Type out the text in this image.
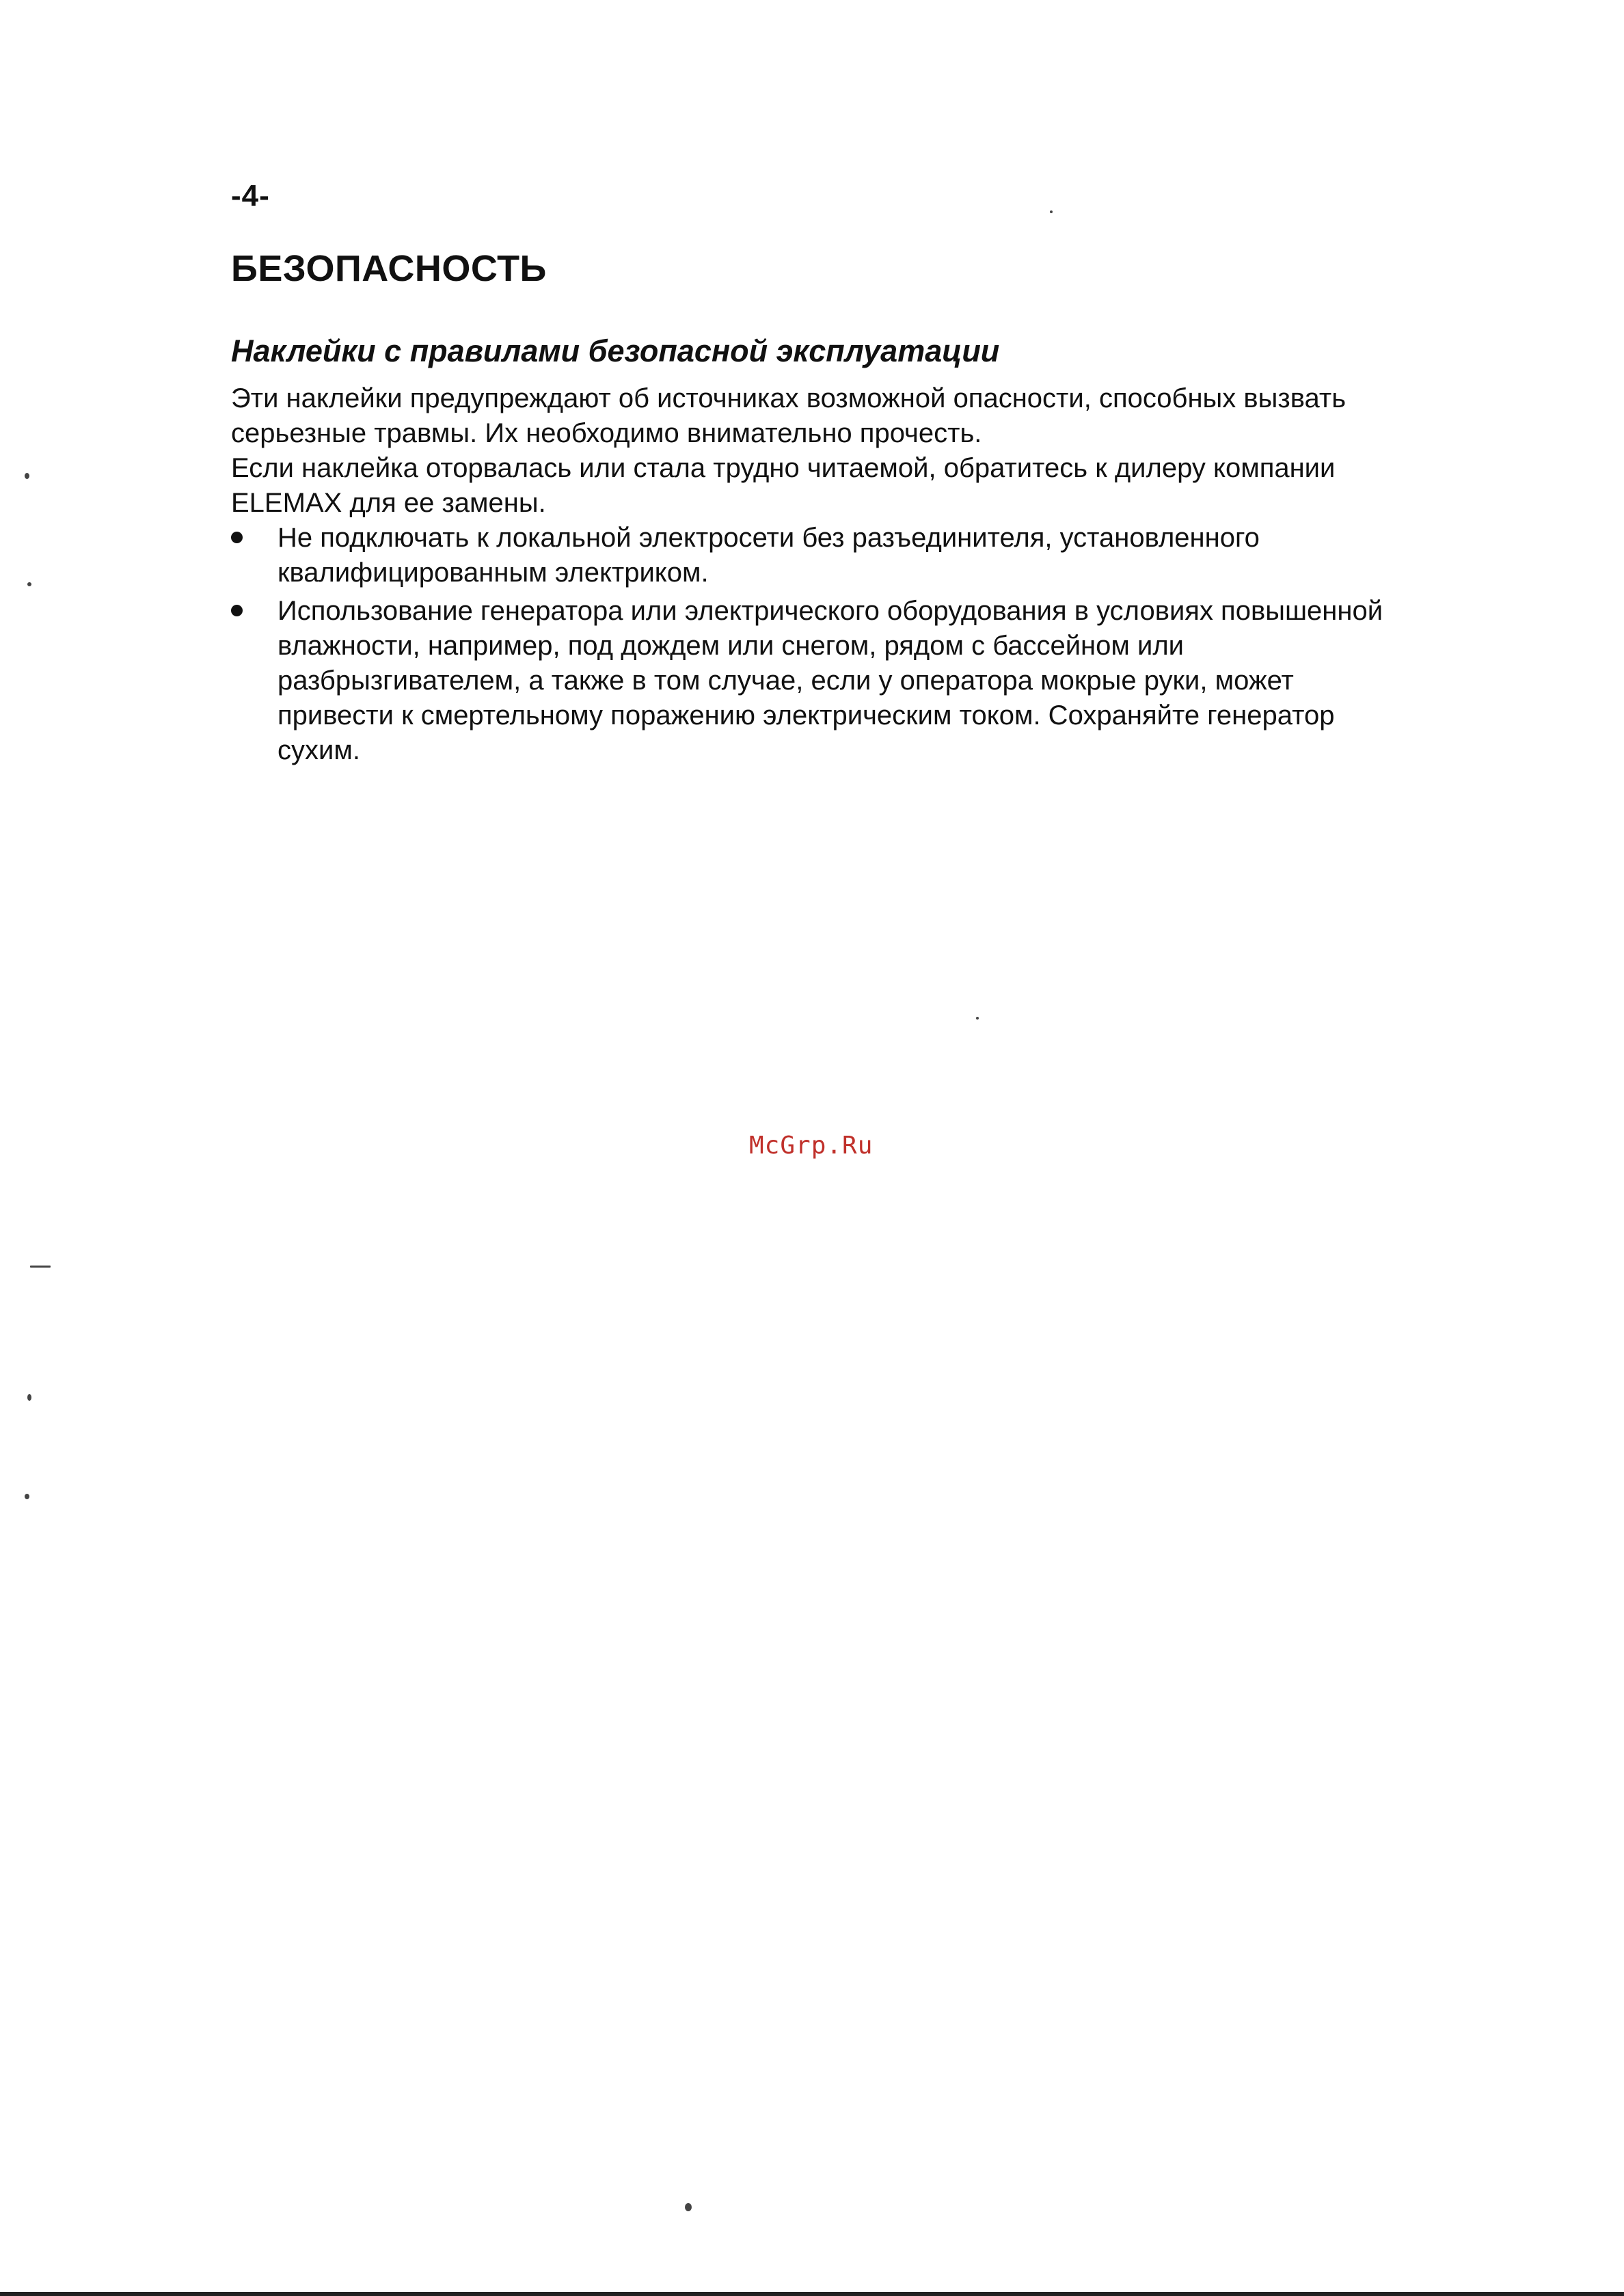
-4-
БЕЗОПАСНОСТЬ
Наклейки с правилами безопасной эксплуатации

Эти наклейки предупреждают об источниках возможной опасности, способных вызвать серьезные травмы. Их необходимо внимательно прочесть.

Если наклейка оторвалась или стала трудно читаемой, обратитесь к дилеру компании ELEMAX для ее замены.

Не подключать к локальной электросети без разъединителя, установленного квалифицированным электриком.
Использование генератора или электрического оборудования в условиях повышенной влажности, например, под дождем или снегом, рядом с бассейном или разбрызгивателем, а также в том случае, если у оператора мокрые руки, может привести к смертельному поражению электрическим током. Сохраняйте генератор сухим.
McGrp.Ru
